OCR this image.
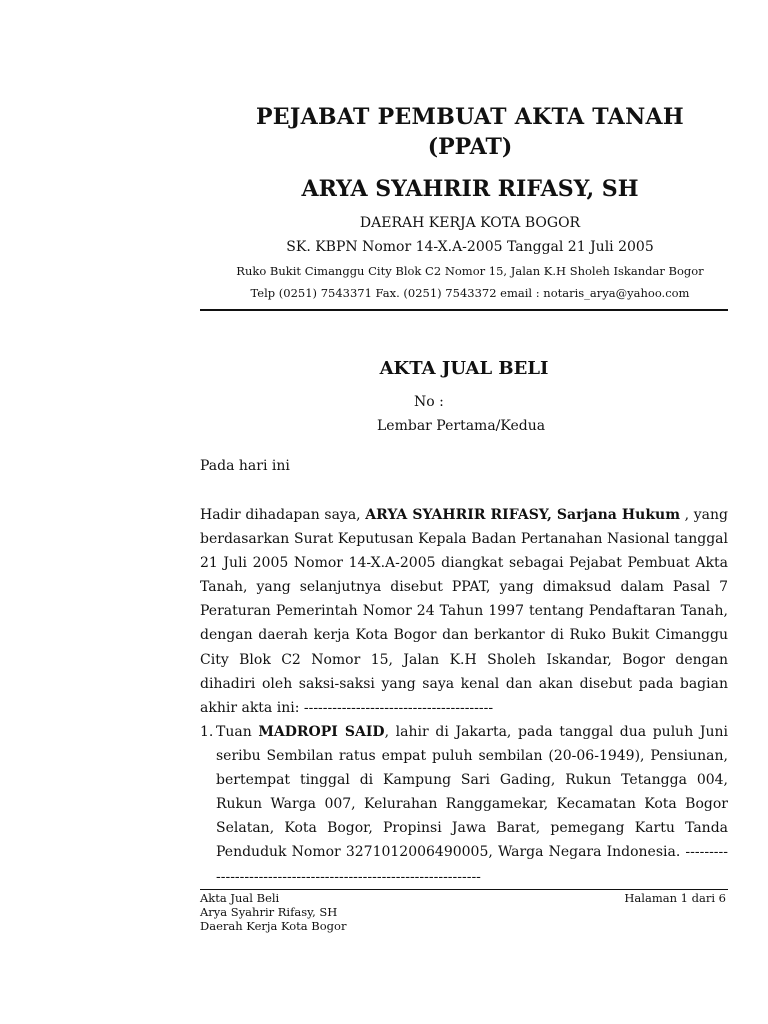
PEJABAT PEMBUAT AKTA TANAH
(PPAT)
ARYA SYAHRIR RIFASY, SH
DAERAH KERJA KOTA BOGOR
SK. KBPN Nomor 14-X.A-2005 Tanggal 21 Juli 2005
Ruko Bukit Cimanggu City Blok C2 Nomor 15, Jalan K.H Sholeh Iskandar Bogor
Telp (0251) 7543371 Fax. (0251) 7543372 email : notaris_arya@yahoo.com
AKTA JUAL BELI
No :
Lembar Pertama/Kedua
Pada hari ini

Hadir dihadapan saya, ARYA SYAHRIR RIFASY, Sarjana Hukum , yang berdasarkan Surat Keputusan Kepala Badan Pertanahan Nasional tanggal 21 Juli 2005 Nomor 14-X.A-2005 diangkat sebagai Pejabat Pembuat Akta Tanah, yang selanjutnya disebut PPAT, yang dimaksud dalam Pasal 7 Peraturan Pemerintah Nomor 24 Tahun 1997 tentang Pendaftaran Tanah, dengan daerah kerja Kota Bogor dan berkantor di Ruko Bukit Cimanggu City Blok C2 Nomor 15, Jalan K.H Sholeh Iskandar, Bogor dengan dihadiri oleh saksi-saksi yang saya kenal dan akan disebut pada bagian akhir akta ini: ----------------------------------------

1. Tuan MADROPI SAID, lahir di Jakarta, pada tanggal dua puluh Juni seribu Sembilan ratus empat puluh sembilan (20-06-1949), Pensiunan, bertempat tinggal di Kampung Sari Gading, Rukun Tetangga 004, Rukun Warga 007, Kelurahan Ranggamekar, Kecamatan Kota Bogor Selatan, Kota Bogor, Propinsi Jawa Barat, pemegang Kartu Tanda Penduduk Nomor 3271012006490005, Warga Negara Indonesia. -----------------------------------------------------------------
Akta Jual Beli
Arya Syahrir Rifasy, SH
Daerah Kerja Kota Bogor
Halaman 1 dari 6
